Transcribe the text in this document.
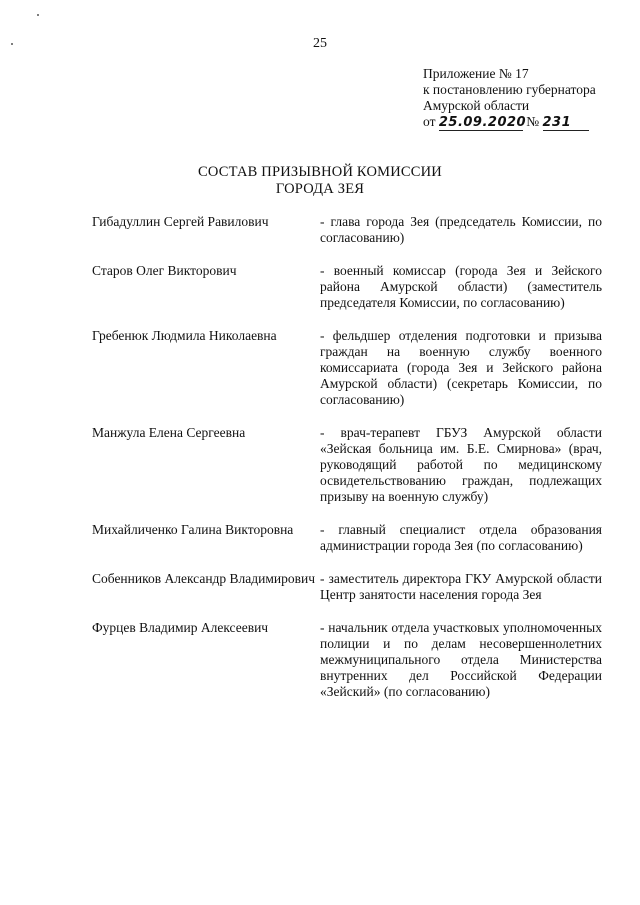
25
Приложение № 17
к постановлению губернатора
Амурской области
от 25.09.2020 № 231
СОСТАВ ПРИЗЫВНОЙ КОМИССИИ
ГОРОДА ЗЕЯ
Гибадуллин Сергей Равилович	- глава города Зея (председатель Комиссии, по согласованию)
Старов Олег Викторович	- военный комиссар (города Зея и Зейского района Амурской области) (заместитель председателя Комиссии, по согласованию)
Гребенюк Людмила Николаевна	- фельдшер отделения подготовки и призыва граждан на военную службу военного комиссариата (города Зея и Зейского района Амурской области) (секретарь Комиссии, по согласованию)
Манжула Елена Сергеевна	- врач-терапевт ГБУЗ Амурской области «Зейская больница им. Б.Е. Смирнова» (врач, руководящий работой по медицинскому освидетельствованию граждан, подлежащих призыву на военную службу)
Михайличенко Галина Викторовна	- главный специалист отдела образования администрации города Зея (по согласованию)
Собенников Александр Владимирович - заместитель директора ГКУ Амурской области Центр занятости населения города Зея
Фурцев Владимир Алексеевич	- начальник отдела участковых уполномоченных полиции и по делам несовершеннолетних межмуниципального отдела Министерства внутренних дел Российской Федерации «Зейский» (по согласованию)
